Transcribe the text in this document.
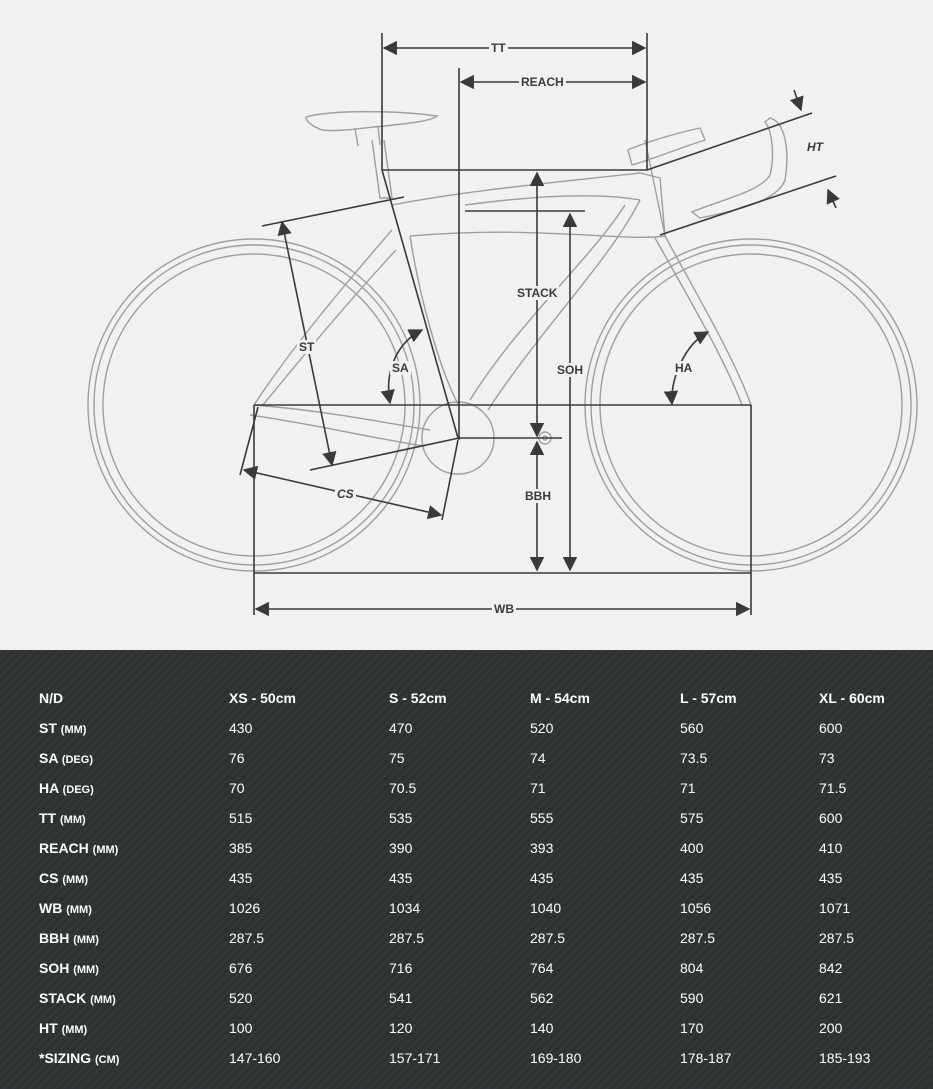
TT
REACH
HT
ST
STACK
SA	SOH	HA
BBH
CS
WB
N/D	XS - 50cm	S - 52cm	M - 54cm	L - 57cm	XL - 60cm
ST (MM)	430	470	520	560	600
SA (DEG)	76	75	74	73.5	73
HA (DEG)	70	70.5	71	71	71.5
TT (MM)	515	535	555	575	600
REACH (MM)	385	390	393	400	410
CS (MM)	435	435	435	435	435
WB (MM)	1026	1034	1040	1056	1071
BBH (MM)	287.5	287.5	287.5	287.5	287.5
SOH (MM)	676	716	764	804	842
STACK (MM)	520	541	562	590	621
HT (MM)	100	120	140	170	200
*SIZING (CM)	147-160	157-171	169-180	178-187	185-193
